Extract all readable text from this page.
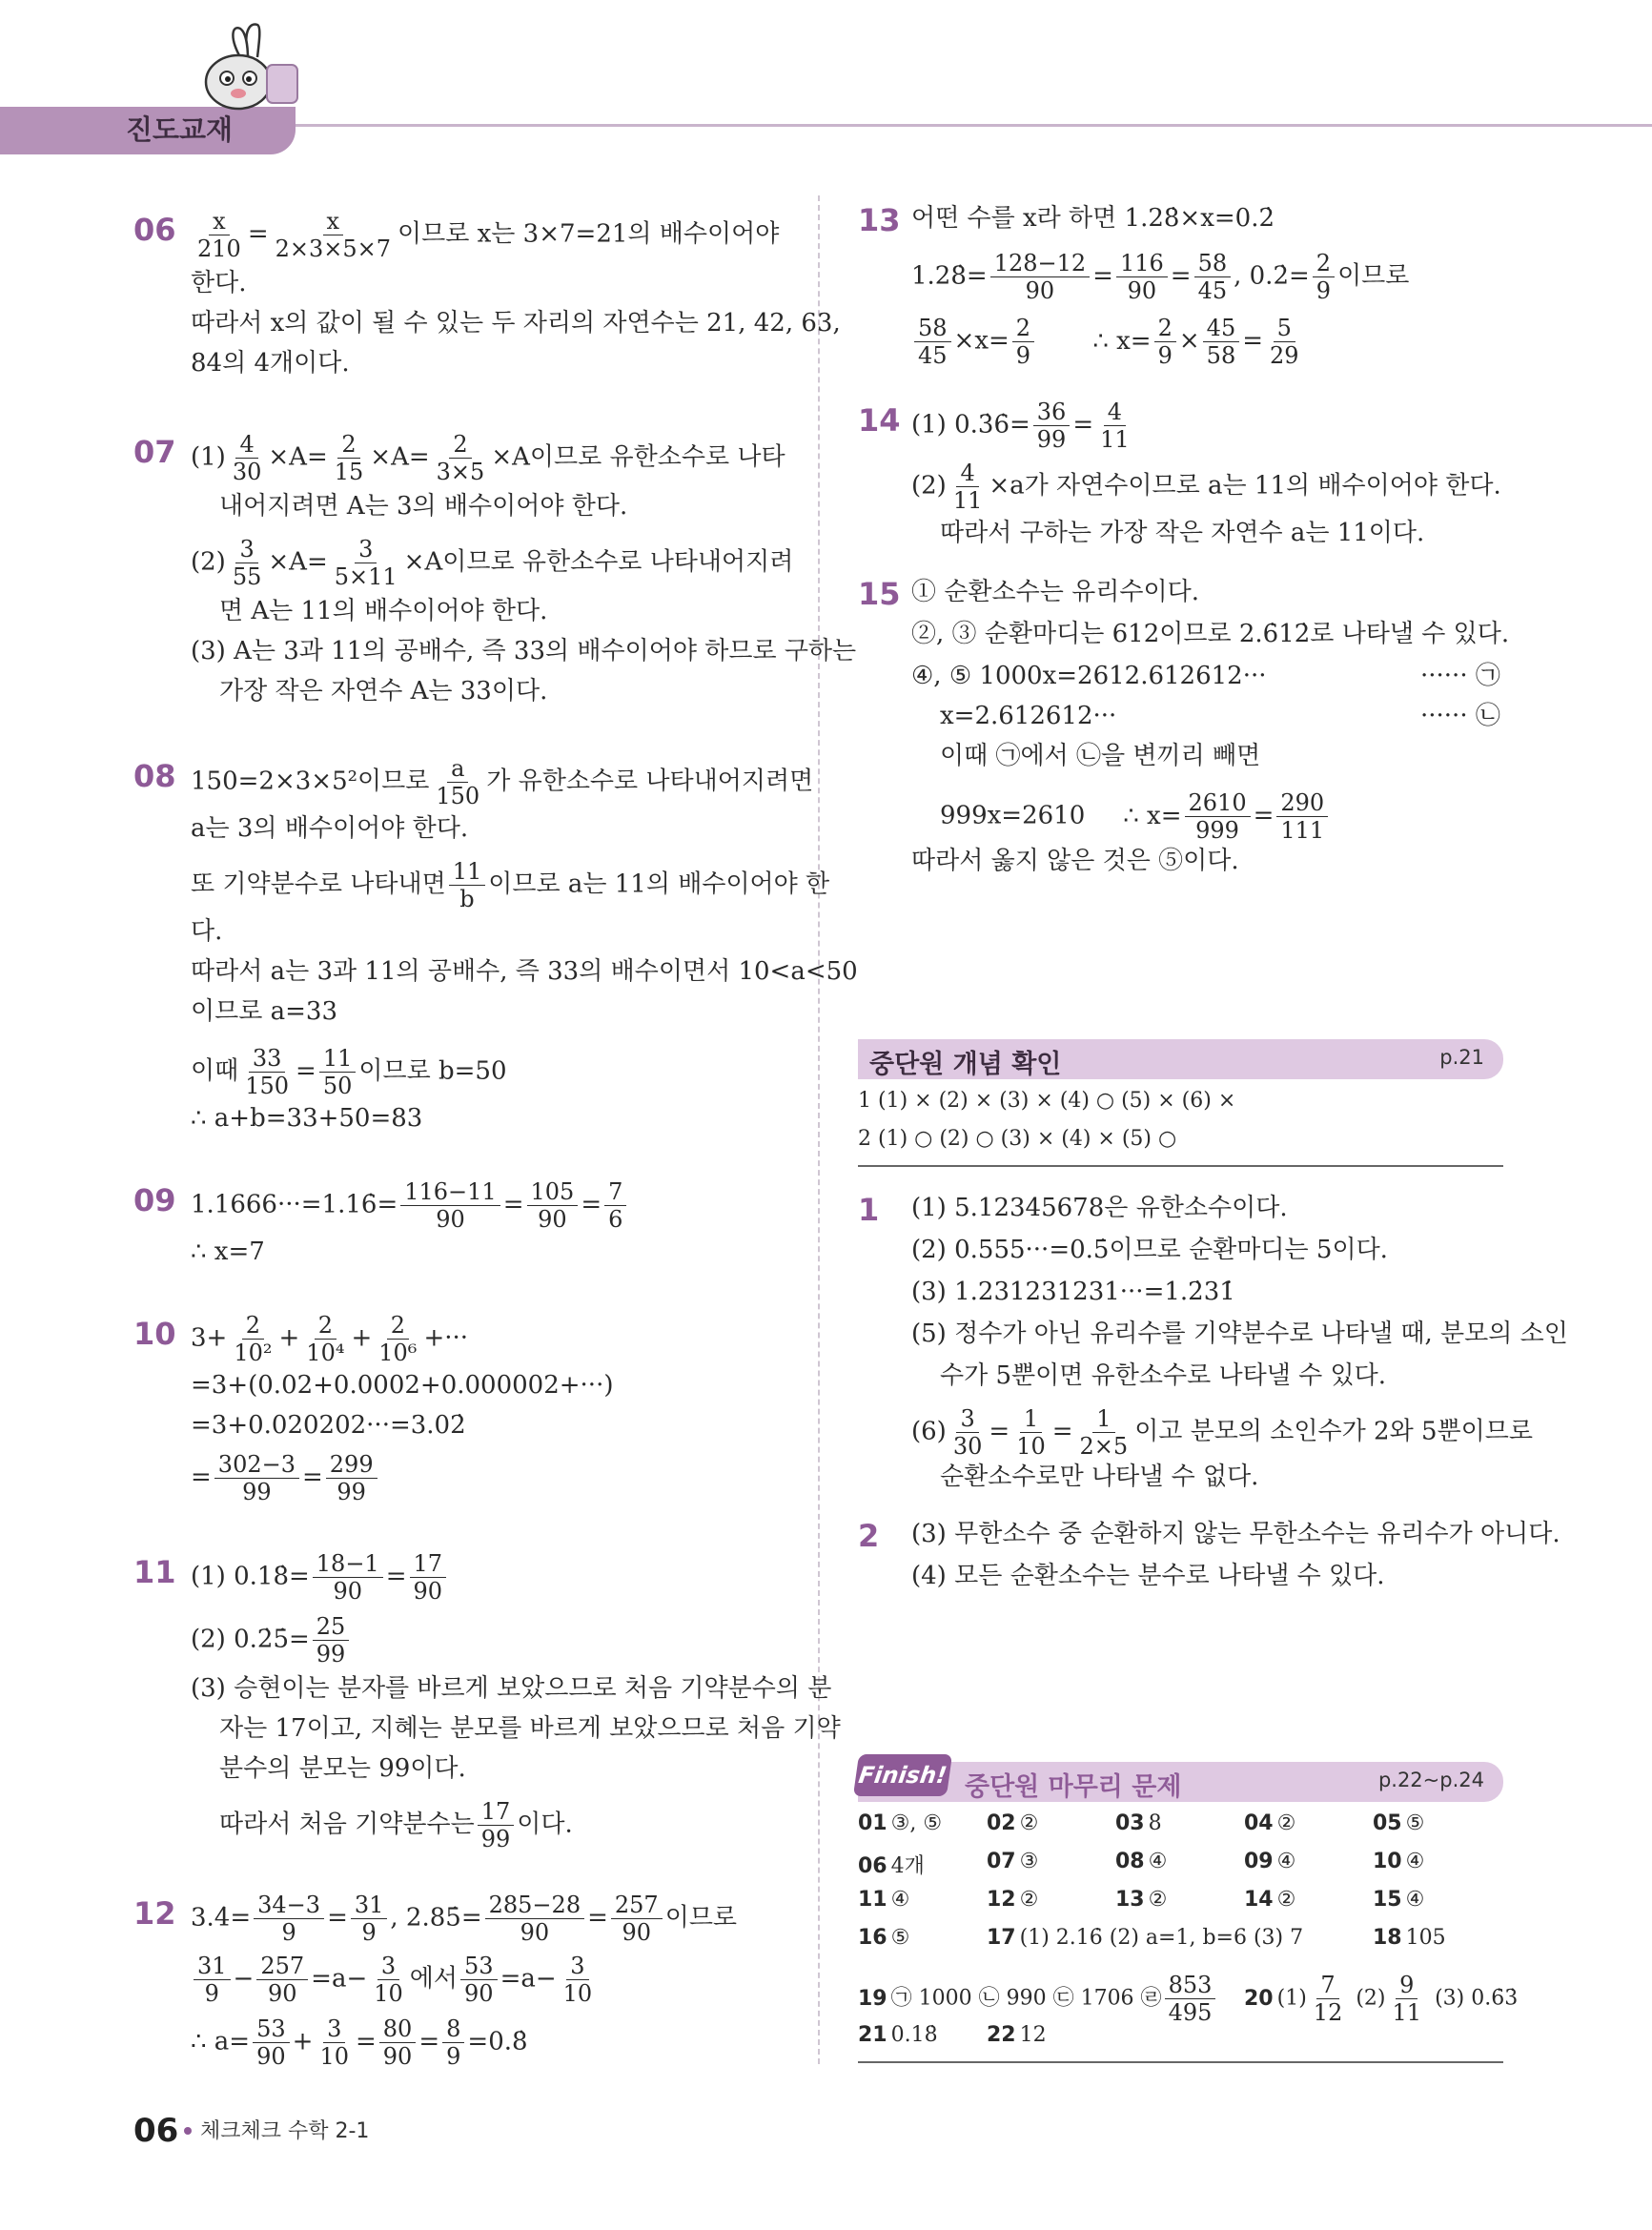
진도교재
$06 \frac{x}{210} = \frac{x}{2\times 3\times 5\times 7}$ 이므로 x는 3×7=21의 배수이어야
한다.
따라서 x의 값이 될 수 있는 두 자리의 자연수는 21, 42, 63,
84의 4개이다.
07 $(1) \frac{4}{30} \times A= \frac{2}{15} \times A= \frac{2}{3\times 5} \times A$이므로 유한소수로 나타
내어지려면 A는 3의 배수이어야 한다.
$(2) \frac{3}{55} \times A= \frac{3}{5\times 11} \times A$이므로 유한소수로 나타내어지려
면 A는 11의 배수이어야 한다.
(3) A는 3과 11의 공배수, 즉 33의 배수이어야 하므로 구하는
가장 작은 자연수 A는 33이다.
08 150=2×3×5²이므로 $\frac{a}{150}$ 가 유한소수로 나타내어지려면
a는 3의 배수이어야 한다.
또 기약분수로 나타내면 $\frac{11}{b}$ 이므로 a는 11의 배수이어야 한
다.
따라서 a는 3과 11의 공배수, 즉 33의 배수이면서 10<a<50
이므로 a=33
이때 $\frac{33}{150} = \frac{11}{50}$ 이므로 b=50
∴ a+b=33+50=83
09 1.1666···=1.16̇= $\frac{116-11}{90} = \frac{105}{90} = \frac{7}{6}$
∴ x=7
10 $3+ \frac{2}{\text{10²}} + \frac{2}{\text{10⁴}} + \frac{2}{\text{10⁶}}$ +···
=3+(0.02+0.0002+0.000002+···)
=3+0.020202···=3.02̇
= $\frac{302-3}{99} = \frac{299}{99}$
11 (1) 0.18̇= $\frac{18-1}{90} = \frac{17}{90}$
(2) 0.2̇5̇= $\frac{25}{99}$
(3) 승현이는 분자를 바르게 보았으므로 처음 기약분수의 분
자는 17이고, 지혜는 분모를 바르게 보았으므로 처음 기약
분수의 분모는 99이다.
따라서 처음 기약분수는 $\frac{17}{99}$ 이다.
12 3.4̇= $\frac{34-3}{9} = \frac{31}{9}$ , 2.85̇= $\frac{285-28}{90} = \frac{257}{90}$ 이므로
$\frac{31}{9} - \frac{257}{90} =a- \frac{3}{10}$ 에서 $\frac{53}{90} =a- \frac{3}{10}$
∴ $a= \frac{53}{90} + \frac{3}{10} = \frac{80}{90} = \frac{8}{9}$ =0.8̇
13 어떤 수를 x라 하면 1.28̇×x=0.2̇
1.28̇= $\frac{128-12}{90} = \frac{116}{90} = \frac{58}{45}$ , 0.2̇= $\frac{2}{9}$ 이므로
$\frac{58}{45} \times x= \frac{2}{9}$ ∴ $x= \frac{2}{9} \times \frac{45}{58} = \frac{5}{29}$
14 (1) 0.3̇6̇= $\frac{36}{99} = \frac{4}{11}$
$(2) \frac{4}{11} \times a$가 자연수이므로 a는 11의 배수이어야 한다.
따라서 구하는 가장 작은 자연수 a는 11이다.
15 ① 순환소수는 유리수이다.
②, ③ 순환마디는 612이므로 2.6̇12̇로 나타낼 수 있다.
④, ⑤ 1000x=2612.612612···	······ ㉠
x=2.612612···	······ ㉡
이때 ㉠에서 ㉡을 변끼리 빼면
999x=2610 ∴ $x= \frac{2610}{999} = \frac{290}{111}$
따라서 옳지 않은 것은 ⑤이다.
중단원 개념 확인	p.21
1 (1) × (2) × (3) × (4) ○ (5) × (6) ×
2 (1) ○ (2) ○ (3) × (4) × (5) ○
1 (1) 5.12345678은 유한소수이다.
(2) 0.555···=0.5̇이므로 순환마디는 5이다.
(3) 1.231231231···=1.2̇31̇
(5) 정수가 아닌 유리수를 기약분수로 나타낼 때, 분모의 소인
수가 5뿐이면 유한소수로 나타낼 수 있다.
$(6) \frac{3}{30} = \frac{1}{10} = \frac{1}{2\times 5}$ 이고 분모의 소인수가 2와 5뿐이므로
순환소수로만 나타낼 수 없다.
2 (3) 무한소수 중 순환하지 않는 무한소수는 유리수가 아니다.
(4) 모든 순환소수는 분수로 나타낼 수 있다.
중단원 마무리 문제	p.22~p.24
Finish!
01 ③, ⑤ 02 ②	03 8	04 ②	05 ⑤
06 4개	07 ③	08 ④	09 ④	10 ④
11 ④	12 ②	13 ②	14 ②	15 ④
16 ⑤	17 (1) 2.16̇ (2) a=1, b=6 (3) 7	18 105
19 ㉠ 1000 ㉡ 990 ㉢ 1706 ㉣ $\frac{853}{495} 20$ $(1) \frac{7}{12} (2) \frac{9}{11} (3)$ 0.6̇3̇
21 0.18̇ 22 12
06 체크체크 수학 2-1
